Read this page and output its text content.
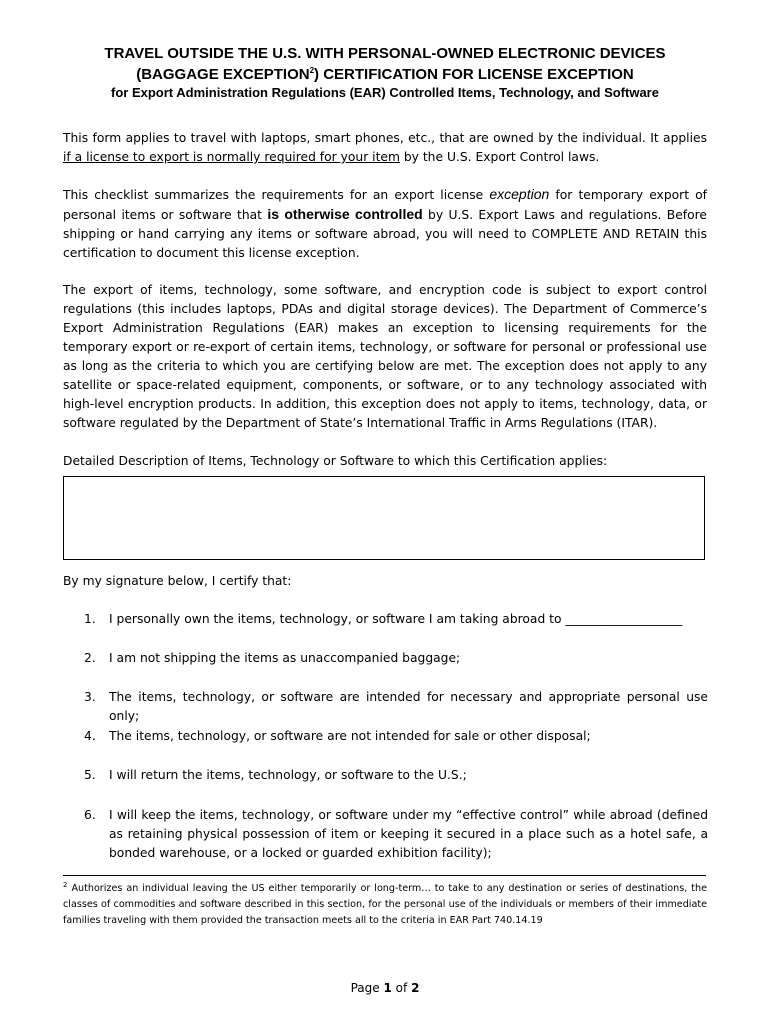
TRAVEL OUTSIDE THE U.S. WITH PERSONAL-OWNED ELECTRONIC DEVICES
(BAGGAGE EXCEPTION$^2$) CERTIFICATION FOR LICENSE EXCEPTION
for Export Administration Regulations (EAR) Controlled Items, Technology, and Software
This form applies to travel with laptops, smart phones, etc., that are owned by the individual. It applies if a license to export is normally required for your item by the U.S. Export Control laws.
This checklist summarizes the requirements for an export license exception for temporary export of personal items or software that is otherwise controlled by U.S. Export Laws and regulations. Before shipping or hand carrying any items or software abroad, you will need to COMPLETE AND RETAIN this certification to document this license exception.
The export of items, technology, some software, and encryption code is subject to export control regulations (this includes laptops, PDAs and digital storage devices). The Department of Commerce’s Export Administration Regulations (EAR) makes an exception to licensing requirements for the temporary export or re-export of certain items, technology, or software for personal or professional use as long as the criteria to which you are certifying below are met. The exception does not apply to any satellite or space-related equipment, components, or software, or to any technology associated with high-level encryption products. In addition, this exception does not apply to items, technology, data, or software regulated by the Department of State’s International Traffic in Arms Regulations (ITAR).
Detailed Description of Items, Technology or Software to which this Certification applies:
By my signature below, I certify that:
1. I personally own the items, technology, or software I am taking abroad to ___________________
2. I am not shipping the items as unaccompanied baggage;
3. The items, technology, or software are intended for necessary and appropriate personal use only;
4. The items, technology, or software are not intended for sale or other disposal;
5. I will return the items, technology, or software to the U.S.;
6. I will keep the items, technology, or software under my “effective control” while abroad (defined as retaining physical possession of item or keeping it secured in a place such as a hotel safe, a bonded warehouse, or a locked or guarded exhibition facility);
$^2$ Authorizes an individual leaving the US either temporarily or long-term… to take to any destination or series of destinations, the classes of commodities and software described in this section, for the personal use of the individuals or members of their immediate families traveling with them provided the transaction meets all to the criteria in EAR Part 740.14.19
Page 1 of 2
